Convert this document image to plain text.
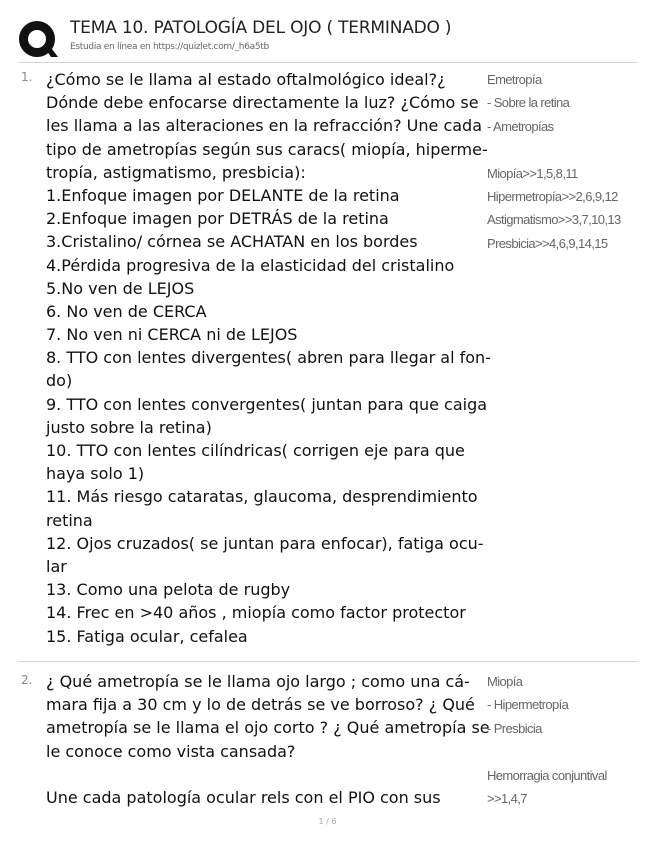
TEMA 10. PATOLOGÍA DEL OJO ( TERMINADO )
Estudia en línea en https://quizlet.com/_h6a5tb
1. ¿Cómo se le llama al estado oftalmológico ideal?¿
Dónde debe enfocarse directamente la luz? ¿Cómo se
les llama a las alteraciones en la refracción? Une cada
tipo de ametropías según sus caracs( miopía, hiperme-
tropía, astigmatismo, presbicia):
1.Enfoque imagen por DELANTE de la retina
2.Enfoque imagen por DETRÁS de la retina
3.Cristalino/ córnea se ACHATAN en los bordes
4.Pérdida progresiva de la elasticidad del cristalino
5.No ven de LEJOS
6. No ven de CERCA
7. No ven ni CERCA ni de LEJOS
8. TTO con lentes divergentes( abren para llegar al fon-
do)
9. TTO con lentes convergentes( juntan para que caiga
justo sobre la retina)
10. TTO con lentes cilíndricas( corrigen eje para que
haya solo 1)
11. Más riesgo cataratas, glaucoma, desprendimiento
retina
12. Ojos cruzados( se juntan para enfocar), fatiga ocu-
lar
13. Como una pelota de rugby
14. Frec en >40 años , miopía como factor protector
15. Fatiga ocular, cefalea
Emetropía
- Sobre la retina
- Ametropías
Miopía>>1,5,8,11
Hipermetropía>>2,6,9,12
Astigmatismo>>3,7,10,13
Presbicia>>4,6,9,14,15
2. ¿ Qué ametropía se le llama ojo largo ; como una cá-
mara fija a 30 cm y lo de detrás se ve borroso? ¿ Qué
ametropía se le llama el ojo corto ? ¿ Qué ametropía se
le conoce como vista cansada?
Une cada patología ocular rels con el PIO con sus
Miopía
- Hipermetropía
- Presbicia
Hemorragia conjuntival
>>1,4,7
1 / 6
